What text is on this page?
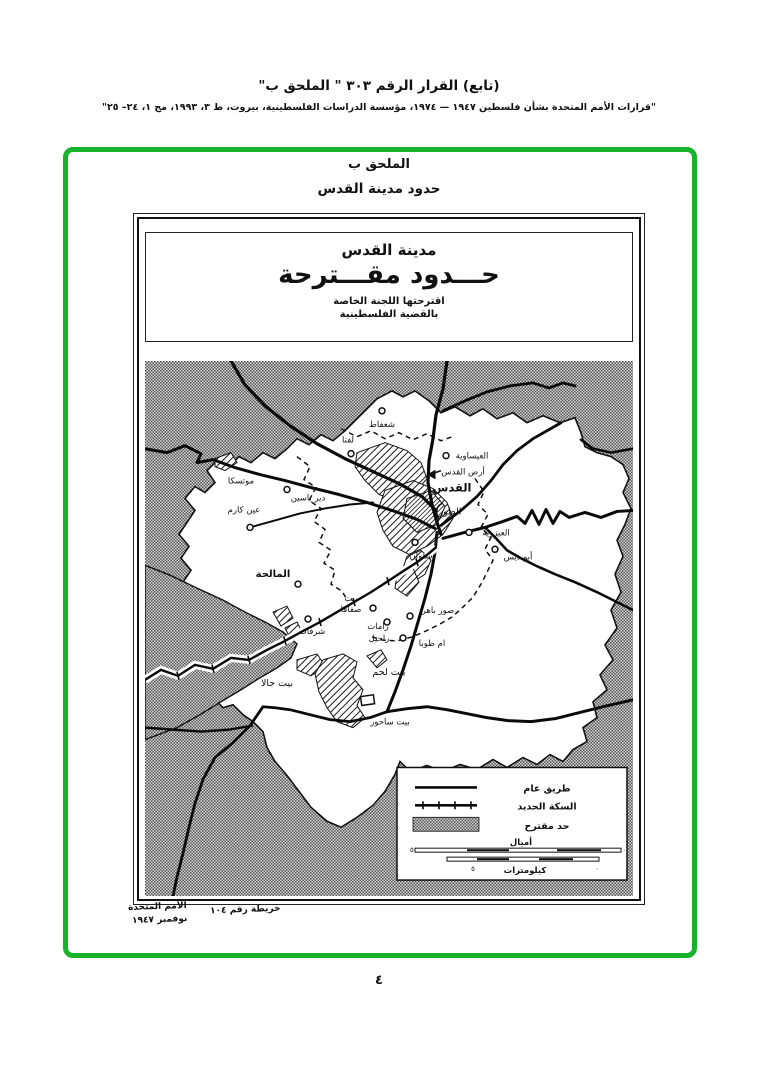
(تابع) القرار الرقم ٣٠٣ " الملحق ب"
"قرارات الأمم المتحدة بشأن فلسطين ١٩٤٧ — ١٩٧٤، مؤسسة الدراسات الفلسطينية، بيروت، ط ٣، ١٩٩٣، مج ١، ٢٤– ٢٥"
الملحق ب
حدود مدينة القدس
مدينة القدس
حـــدود مقـــترحة
اقترحتها اللجنة الخاصة
بالقضية الفلسطينية
شعفاط
لفتا
العيساوية
أرض القدس
القدس
الطور
العيزرية
أبو ديس
سلوان
موتسكا
دير ياسين
عين كارم
المالحة
شرفات
بيت
صفافا
رامات
راحيل
صور باهر
ام طوبا
بيت لحم
بيت جالا
بيت ساحور
طريق عام
السكة الحديد
حد مقترح
أميال
٥	٠
٥	٠
كيلومترات
خريطة رقم ١٠٤
الأمم المتحدة
نوفمبر ١٩٤٧
٤
